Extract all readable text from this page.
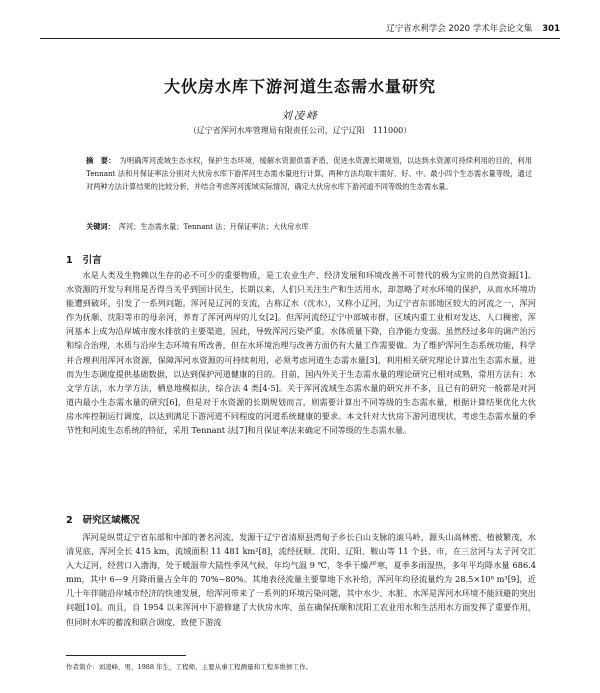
辽宁省水利学会 2020 学术年会论文集 301
大伙房水库下游河道生态需水量研究
刘凌峰
（辽宁省浑河水库管理局有限责任公司，辽宁辽阳　111000）
摘　要： 为明确浑河流域生态水权，保护生态环境，缓解水资源供需矛盾，促进水资源长期规划，以达到水资源可持续利用的目的，利用 Tennant 法和月保证率法分别对大伙房水库下游浑河生态需水量进行计算，两种方法均取丰需好、好、中、最小四个生态需水量等级，通过对两种方法计算结果的比较分析，并结合考虑浑河流域实际情况，确定大伙房水库下游河道不同等级的生态需水量。
关键词： 浑河；生态需水量；Tennant 法；月保证率法；大伙房水库
1 引言

水是人类及生物赖以生存的必不可少的重要物质，是工农业生产、经济发展和环境改善不可替代的极为宝贵的自然资源[1]。水资源的开发与利用是否得当关乎到国计民生，长期以来，人们只关注生产和生活用水，却忽略了对水环境的保护，从而水环境功能遭到破坏，引发了一系列问题。浑河是辽河的支流，古称辽水（沈水），又称小辽河，为辽宁省东部地区较大的河流之一，浑河作为抚顺、沈阳等市的母亲河，养育了浑河两岸的儿女[2]。但浑河流经辽宁中部城市群，区域内重工业相对发达、人口稠密，浑河基本上成为沿岸城市废水排放的主要渠道，因此，导致浑河污染严重，水体质量下降，自净能力变弱。虽然经过多年的调产治污和综合治理，水质与沿岸生态环境有所改善，但在水环境治理与改善方面仍有大量工作需要做。为了维护浑河生态系统功能，科学并合理利用浑河水资源，保障浑河水资源的可持续利用，必须考虑河道生态需水量[3]，利用相关研究理论计算出生态需水量，进而为生态调度提供基础数据，以达到保护河道健康的目的。目前，国内外关于生态需水量的理论研究已相对成熟，常用方法有：水文学方法，水力学方法，栖息地模拟法，综合法 4 类[4-5]。关于浑河流域生态需水量的研究并不多，且已有的研究一般都是对河道内最小生态需水量的研究[6]，但是对于水资源的长期规划而言，则需要计算出不同等级的生态需水量，根据计算结果优化大伙房水库控制运行调度，以达到满足下游河道不同程度的河道系统健康的要求。本文针对大伙房下游河道现状，考虑生态需水量的季节性和河流生态系统的特征，采用 Tennant 法[7]和月保证率法来确定不同等级的生态需水量。

2 研究区域概况

浑河是纵贯辽宁省东部和中部的著名河流，发源于辽宁省清原县湾甸子乡长白山支脉的滚马岭，源头山高林密、植被繁茂，水清见底，浑河全长 415 km，流域面积 11 481 km²[8]，流经抚顺、沈阳、辽阳、鞍山等 11 个县、市，在三岔河与太子河交汇入大辽河，经营口入渤海，处于暖温带大陆性季风气候，年均气温 9 ℃，冬季干燥严寒，夏季多雨湿热，多年平均降水量 686.4 mm，其中 6—9 月降雨量占全年的 70%~80%。其地表径流量主要靠地下水补给，浑河年均径流量约为 28.5×10⁸ m³[9]，近几十年伴随沿岸城市经济的快速发展，给浑河带来了一系列的环境污染问题，其中水少、水脏、水浑是浑河水环境不能回避的突出问题[10]。而且，自 1954 以来浑河中下游修建了大伙房水库，虽在确保抚顺和沈阳工农业用水和生活用水方面发挥了重要作用，但同时水库的蓄流和联合调度，致使下游流

作者简介：刘凌峰，男，1988 年生，工程师，主要从事工程测量和工程多维修工作。
